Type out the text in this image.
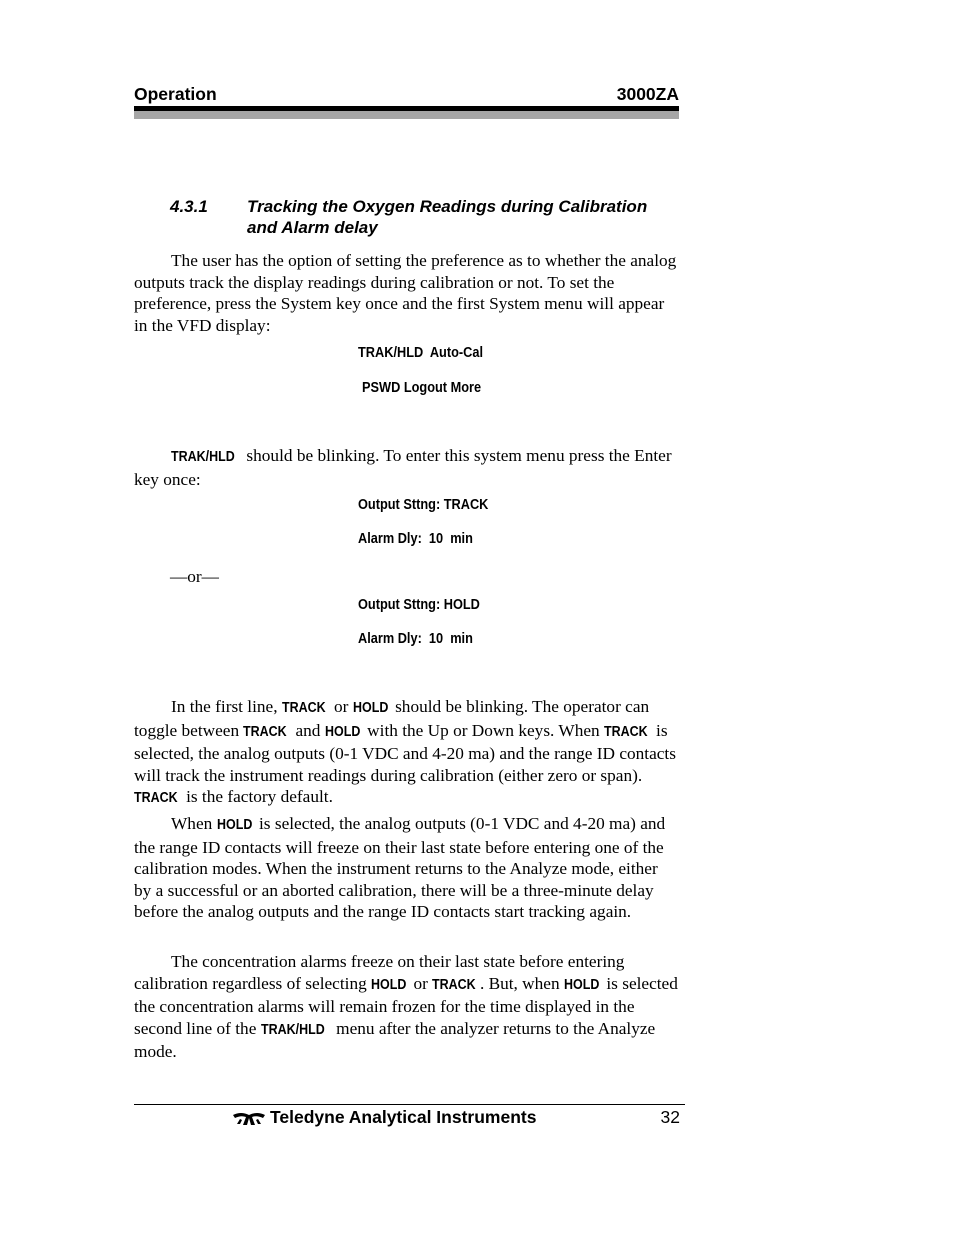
Operation	3000ZA
4.3.1 Tracking the Oxygen Readings during Calibration and Alarm delay
The user has the option of setting the preference as to whether the analog outputs track the display readings during calibration or not. To set the preference, press the System key once and the first System menu will appear in the VFD display:
TRAK/HLD  Auto-Cal
PSWD Logout More
TRAK/HLD should be blinking. To enter this system menu press the Enter key once:
Output Sttng: TRACK
Alarm Dly:  10  min
—or—
Output Sttng: HOLD
Alarm Dly:  10  min
In the first line, TRACK or HOLD should be blinking. The operator can toggle between TRACK and HOLD with the Up or Down keys. When TRACK is selected, the analog outputs (0-1 VDC and 4-20 ma) and the range ID contacts will track the instrument readings during calibration (either zero or span). TRACK is the factory default.
When HOLD is selected, the analog outputs (0-1 VDC and 4-20 ma) and the range ID contacts will freeze on their last state before entering one of the calibration modes. When the instrument returns to the Analyze mode, either by a successful or an aborted calibration, there will be a three-minute delay before the analog outputs and the range ID contacts start tracking again.
The concentration alarms freeze on their last state before entering calibration regardless of selecting HOLD or TRACK . But, when HOLD is selected the concentration alarms will remain frozen for the time displayed in the second line of the TRAK/HLD menu after the analyzer returns to the Analyze mode.
Teledyne Analytical Instruments	32
